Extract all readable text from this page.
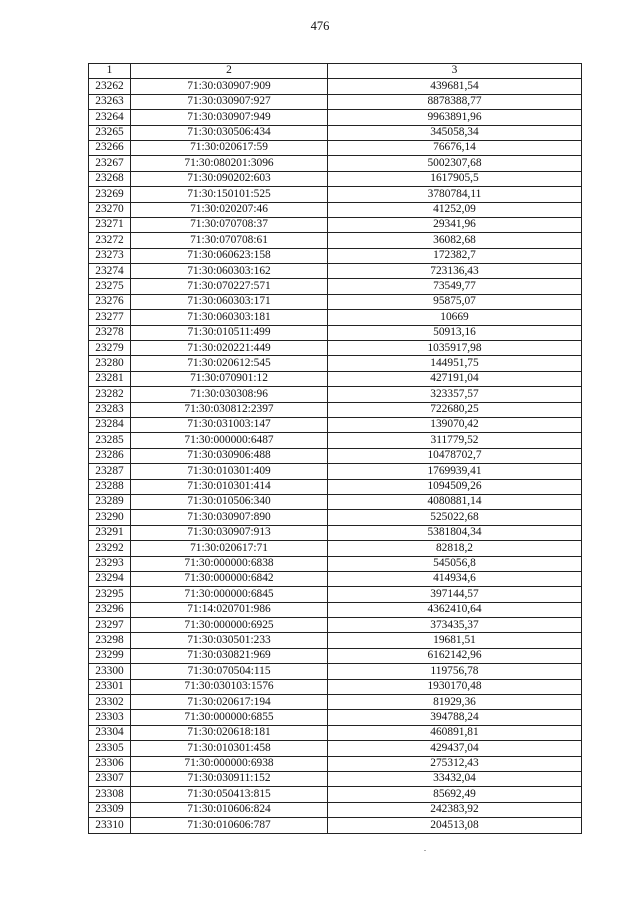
476
1	2	3
23262	71:30:030907:909	439681,54
23263	71:30:030907:927	8878388,77
23264	71:30:030907:949	9963891,96
23265	71:30:030506:434	345058,34
23266	71:30:020617:59	76676,14
23267	71:30:080201:3096	5002307,68
23268	71:30:090202:603	1617905,5
23269	71:30:150101:525	3780784,11
23270	71:30:020207:46	41252,09
23271	71:30:070708:37	29341,96
23272	71:30:070708:61	36082,68
23273	71:30:060623:158	172382,7
23274	71:30:060303:162	723136,43
23275	71:30:070227:571	73549,77
23276	71:30:060303:171	95875,07
23277	71:30:060303:181	10669
23278	71:30:010511:499	50913,16
23279	71:30:020221:449	1035917,98
23280	71:30:020612:545	144951,75
23281	71:30:070901:12	427191,04
23282	71:30:030308:96	323357,57
23283	71:30:030812:2397	722680,25
23284	71:30:031003:147	139070,42
23285	71:30:000000:6487	311779,52
23286	71:30:030906:488	10478702,7
23287	71:30:010301:409	1769939,41
23288	71:30:010301:414	1094509,26
23289	71:30:010506:340	4080881,14
23290	71:30:030907:890	525022,68
23291	71:30:030907:913	5381804,34
23292	71:30:020617:71	82818,2
23293	71:30:000000:6838	545056,8
23294	71:30:000000:6842	414934,6
23295	71:30:000000:6845	397144,57
23296	71:14:020701:986	4362410,64
23297	71:30:000000:6925	373435,37
23298	71:30:030501:233	19681,51
23299	71:30:030821:969	6162142,96
23300	71:30:070504:115	119756,78
23301	71:30:030103:1576	1930170,48
23302	71:30:020617:194	81929,36
23303	71:30:000000:6855	394788,24
23304	71:30:020618:181	460891,81
23305	71:30:010301:458	429437,04
23306	71:30:000000:6938	275312,43
23307	71:30:030911:152	33432,04
23308	71:30:050413:815	85692,49
23309	71:30:010606:824	242383,92
23310	71:30:010606:787	204513,08
